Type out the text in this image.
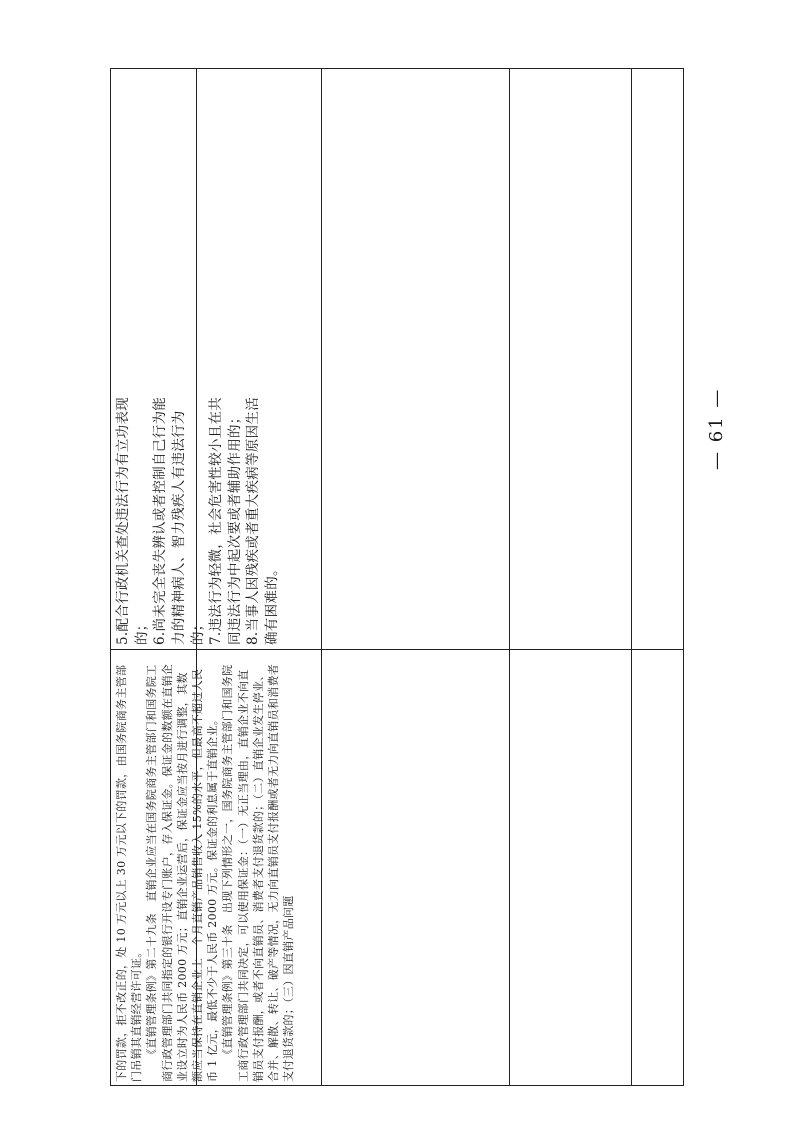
下的罚款，拒不改正的，处 10 万元以上 30 万元以下的罚款，由国务院商务主管部门吊销其直销经营许可证。 《直销管理条例》第二十九条　直销企业应当在国务院商务主管部门和国务院工商行政管理部门共同指定的银行开设专门账户，存入保证金。保证金的数额在直销企业设立时为人民币 2000 万元；直销企业运营后，保证金应当按月进行调整，其数额应当保持在直销企业上一个月直销产品销售收入 15%的水平，但最高不超过人民币 1 亿元，最低不少于人民币 2000 万元。保证金的利息属于直销企业。 《直销管理条例》第三十条　出现下列情形之一，国务院商务主管部门和国务院工商行政管理部门共同决定，可以使用保证金：（一）无正当理由，直销企业不向直销员支付报酬，或者不向直销员、消费者支付退货款的；（二）直销企业发生停业、合并、解散、转让、破产等情况，无力向直销员支付报酬或者无力向直销员和消费者支付退货款的；（三）因直销产品问题

5.配合行政机关查处违法行为有立功表现的； 6.尚未完全丧失辨认或者控制自己行为能力的精神病人、智力残疾人有违法行为的； 7.违法行为轻微，社会危害性较小且在共同违法行为中起次要或者辅助作用的； 8.当事人因残疾或者重大疾病等原因生活确有困难的。

— 61 —
